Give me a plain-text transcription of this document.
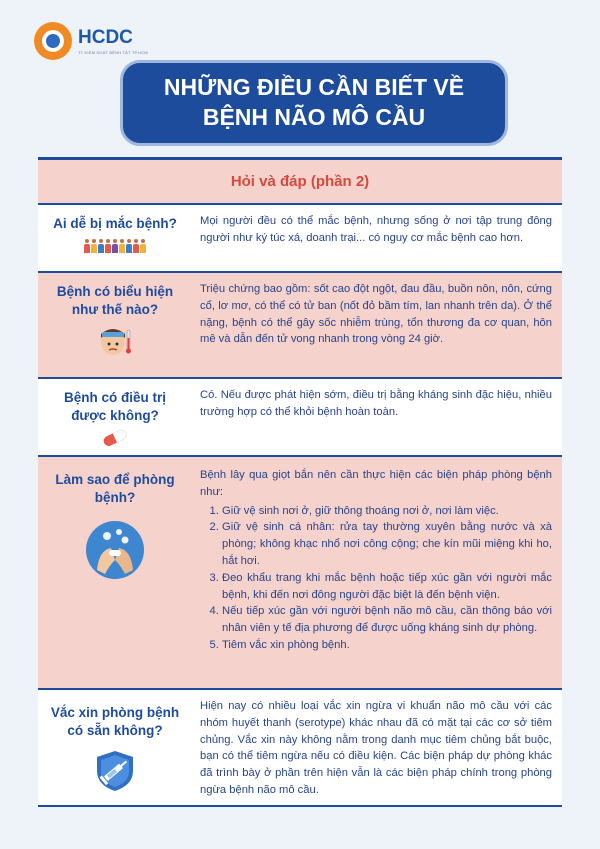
HCDC
TT KIỂM SOÁT BỆNH TẬT TP.HCM
NHỮNG ĐIỀU CẦN BIẾT VỀ
BỆNH NÃO MÔ CẦU
Hỏi và đáp (phần 2)
Ai dễ bị mắc bệnh?	Mọi người đều có thể mắc bệnh, nhưng sống ở nơi tập trung đông người như ký túc xá, doanh trại... có nguy cơ mắc bệnh cao hơn.
Bệnh có biểu hiện như thế nào?
Triệu chứng bao gồm: sốt cao đột ngột, đau đầu, buồn nôn, nôn, cứng cổ, lơ mơ, có thể có tử ban (nốt đỏ bầm tím, lan nhanh trên da). Ở thể nặng, bệnh có thể gây sốc nhiễm trùng, tổn thương đa cơ quan, hôn mê và dẫn đến tử vong nhanh trong vòng 24 giờ.
Bệnh có điều trị được không?
Có. Nếu được phát hiện sớm, điều trị bằng kháng sinh đặc hiệu, nhiều trường hợp có thể khỏi bệnh hoàn toàn.
Làm sao để phòng bệnh?
Bệnh lây qua giọt bắn nên cần thực hiện các biện pháp phòng bệnh như:
1. Giữ vệ sinh nơi ở, giữ thông thoáng nơi ở, nơi làm việc.
2. Giữ vệ sinh cá nhân: rửa tay thường xuyên bằng nước và xà phòng; không khạc nhổ nơi công cộng; che kín mũi miệng khi ho, hắt hơi.
3. Đeo khẩu trang khi mắc bệnh hoặc tiếp xúc gần với người mắc bệnh, khi đến nơi đông người đặc biệt là đến bệnh viện.
4. Nếu tiếp xúc gần với người bệnh não mô cầu, cần thông báo với nhân viên y tế địa phương để được uống kháng sinh dự phòng.
5. Tiêm vắc xin phòng bệnh.
Vắc xin phòng bệnh có sẵn không?
Hiện nay có nhiều loại vắc xin ngừa vi khuẩn não mô cầu với các nhóm huyết thanh (serotype) khác nhau đã có mặt tại các cơ sở tiêm chủng. Vắc xin này không nằm trong danh mục tiêm chủng bắt buộc, bạn có thể tiêm ngừa nếu có điều kiện. Các biện pháp dự phòng khác đã trình bày ở phần trên hiện vẫn là các biện pháp chính trong phòng ngừa bệnh não mô cầu.
